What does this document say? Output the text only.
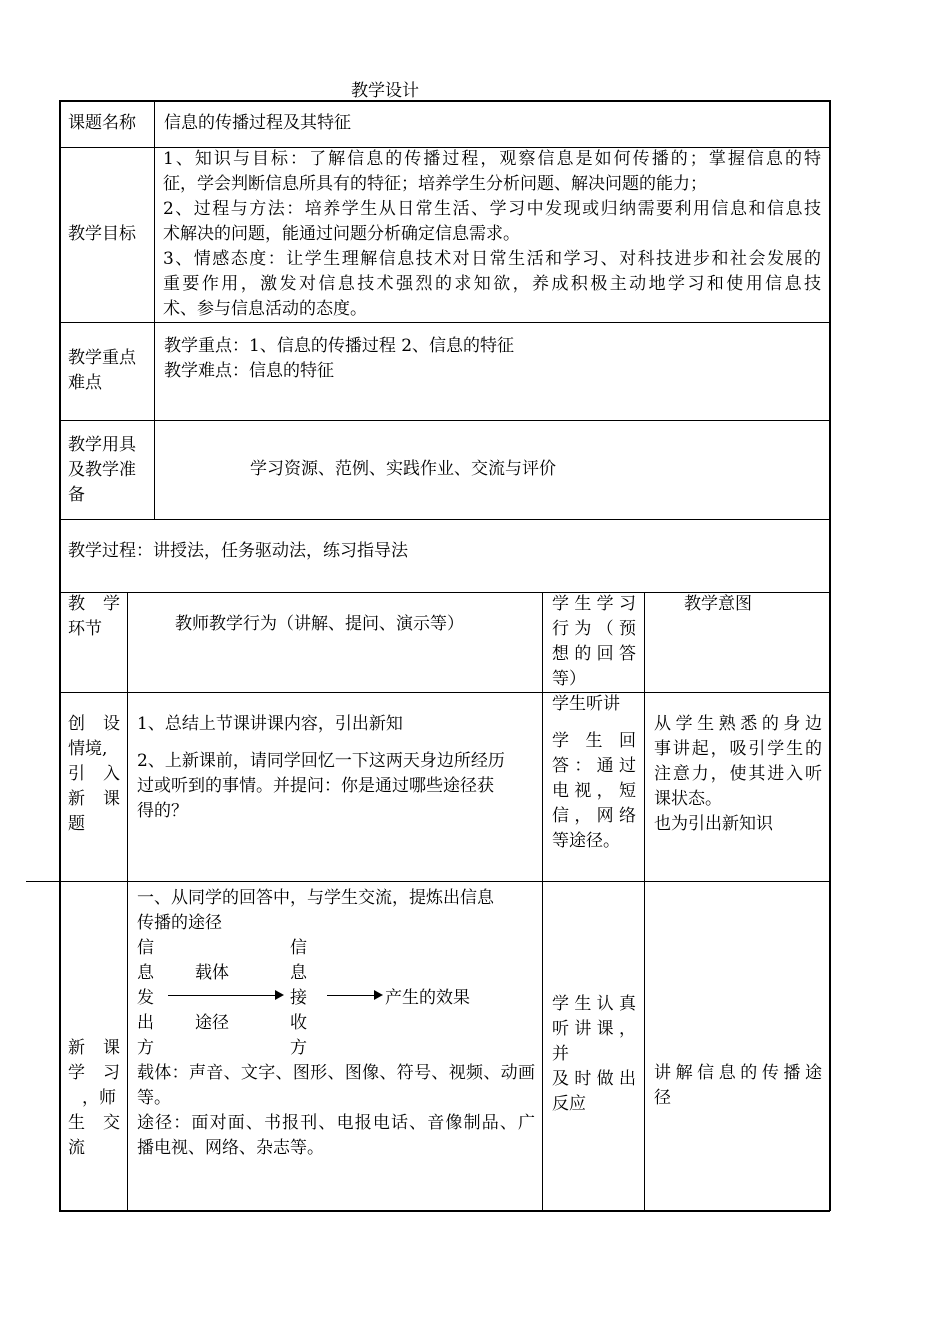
教学设计
课题名称 信息的传播过程及其特征
教学目标
1、知识与目标：了解信息的传播过程，观察信息是如何传播的；掌握信息的特
征，学会判断信息所具有的特征；培养学生分析问题、解决问题的能力；
2、过程与方法：培养学生从日常生活、学习中发现或归纳需要利用信息和信息技
术解决的问题，能通过问题分析确定信息需求。
3、情感态度：让学生理解信息技术对日常生活和学习、对科技进步和社会发展的
重要作用，激发对信息技术强烈的求知欲，养成积极主动地学习和使用信息技
术、参与信息活动的态度。
教学重点
难点
教学重点：1、信息的传播过程 2、信息的特征
教学难点：信息的特征
教学用具
及教学准
备
学习资源、范例、实践作业、交流与评价
教学过程：讲授法，任务驱动法，练习指导法
教 学
环节	教师教学行为（讲解、提问、演示等）
学生学习
行为（预
想的回答
等）
教学意图
创 设
情境,
引 入
新 课
题
1、总结上节课讲课内容，引出新知
2、上新课前，请同学回忆一下这两天身边所经历
过或听到的事情。并提问：你是通过哪些途径获
得的？
学生听讲
学 生 回
答：通过
电视，短
信，网络
等途径。
从学生熟悉的身边
事讲起，吸引学生的
注意力，使其进入听
课状态。
也为引出新知识
新 课
学 习
，师
生 交
流
一、从同学的回答中，与学生交流，提炼出信息
传播的途径
信
息
发
出
方
载体
途径
信
息
接
收
方
产生的效果
载体：声音、文字、图形、图像、符号、视频、动画
等。
途径：面对面、书报刊、电报电话、音像制品、广
播电视、网络、杂志等。
学生认真
听讲课，并
及时做出
反应
讲解信息的传播途
径
